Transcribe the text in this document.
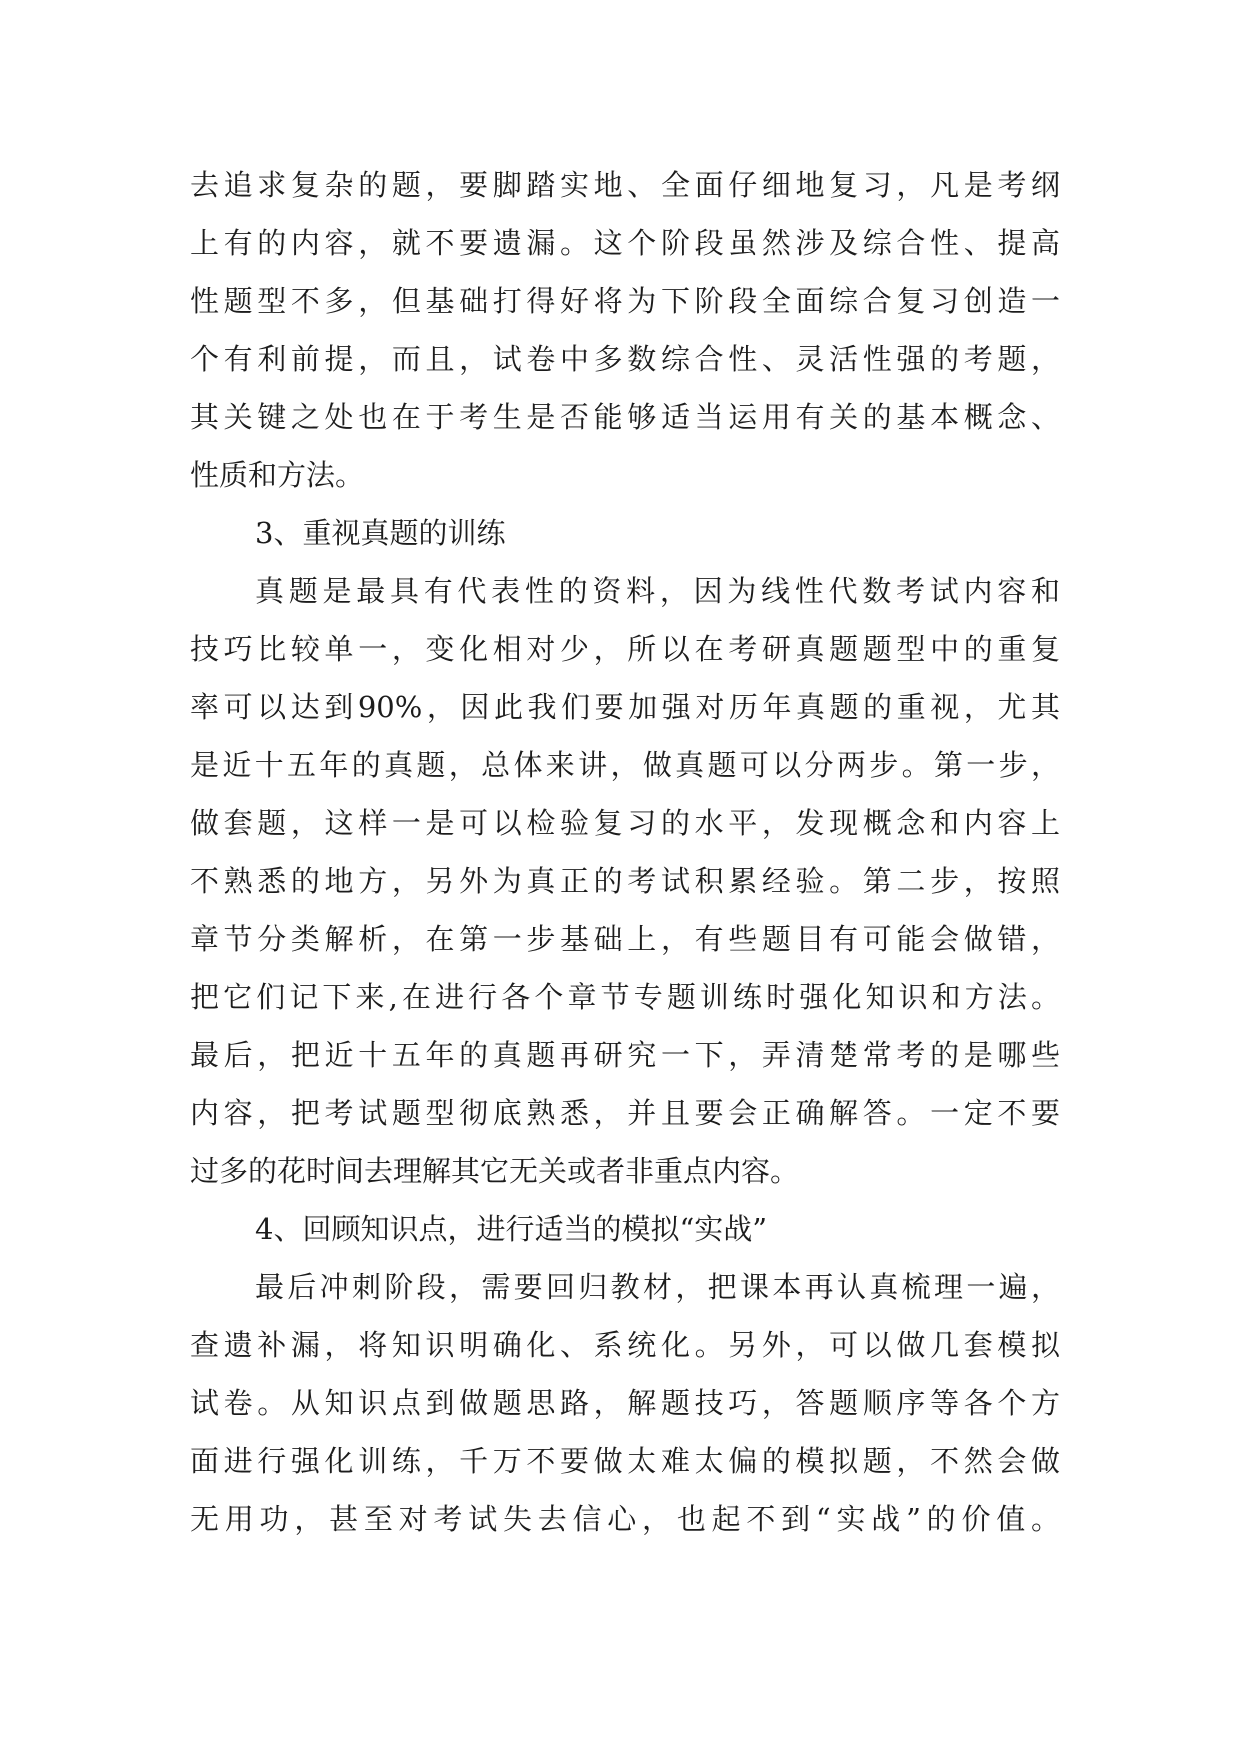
去追求复杂的题，要脚踏实地、全面仔细地复习，凡是考纲
上有的内容，就不要遗漏。这个阶段虽然涉及综合性、提高
性题型不多，但基础打得好将为下阶段全面综合复习创造一
个有利前提，而且，试卷中多数综合性、灵活性强的考题，
其关键之处也在于考生是否能够适当运用有关的基本概念、
性质和方法。
3、重视真题的训练
真题是最具有代表性的资料，因为线性代数考试内容和
技巧比较单一，变化相对少，所以在考研真题题型中的重复
率可以达到90%，因此我们要加强对历年真题的重视，尤其
是近十五年的真题，总体来讲，做真题可以分两步。第一步，
做套题，这样一是可以检验复习的水平，发现概念和内容上
不熟悉的地方，另外为真正的考试积累经验。第二步，按照
章节分类解析，在第一步基础上，有些题目有可能会做错，
把它们记下来,在进行各个章节专题训练时强化知识和方法。
最后，把近十五年的真题再研究一下，弄清楚常考的是哪些
内容，把考试题型彻底熟悉，并且要会正确解答。一定不要
过多的花时间去理解其它无关或者非重点内容。
4、回顾知识点，进行适当的模拟“实战”
最后冲刺阶段，需要回归教材，把课本再认真梳理一遍，
查遗补漏，将知识明确化、系统化。另外，可以做几套模拟
试卷。从知识点到做题思路，解题技巧，答题顺序等各个方
面进行强化训练，千万不要做太难太偏的模拟题，不然会做
无用功，甚至对考试失去信心，也起不到“实战”的价值。
